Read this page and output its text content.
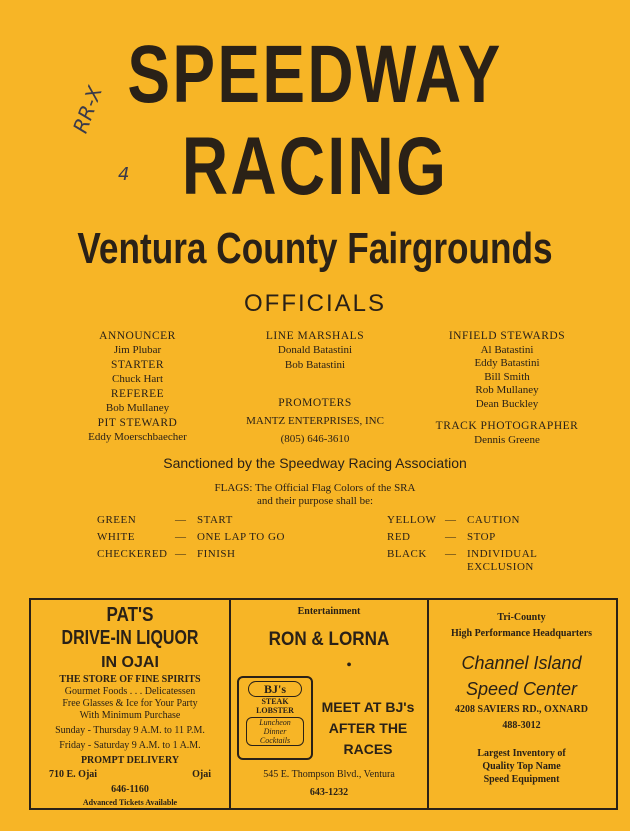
SPEEDWAY
RACING
Ventura County Fairgrounds
RR-X
4
OFFICIALS
ANNOUNCER
Jim Plubar
STARTER
Chuck Hart
REFEREE
Bob Mullaney
PIT STEWARD
Eddy Moerschbaecher
LINE MARSHALS
Donald Batastini
Bob Batastini
PROMOTERS
MANTZ ENTERPRISES, INC
(805) 646-3610
INFIELD STEWARDS
Al Batastini
Eddy Batastini
Bill Smith
Rob Mullaney
Dean Buckley
TRACK PHOTOGRAPHER
Dennis Greene
Sanctioned by the Speedway Racing Association
FLAGS: The Official Flag Colors of the SRA
and their purpose shall be:
GREEN	— START
WHITE	— ONE LAP TO GO
CHECKERED — FINISH
YELLOW — CAUTION
RED	— STOP
BLACK — INDIVIDUAL EXCLUSION
PAT'S
DRIVE-IN LIQUOR
IN OJAI
THE STORE OF FINE SPIRITS
Gourmet Foods . . . Delicatessen
Free Glasses & Ice for Your Party
With Minimum Purchase
Sunday - Thursday 9 A.M. to 11 P.M.
Friday - Saturday 9 A.M. to 1 A.M.
PROMPT DELIVERY
710 E. Ojai	Ojai
646-1160
Advanced Tickets Available
Entertainment
RON & LORNA
•
BJ's
STEAK
LOBSTER
Luncheon
Dinner
Cocktails
MEET AT BJ's
AFTER THE
RACES
545 E. Thompson Blvd., Ventura
643-1232
Tri-County
High Performance Headquarters
Channel Island
Speed Center
4208 SAVIERS RD., OXNARD
488-3012
Largest Inventory of
Quality Top Name
Speed Equipment
